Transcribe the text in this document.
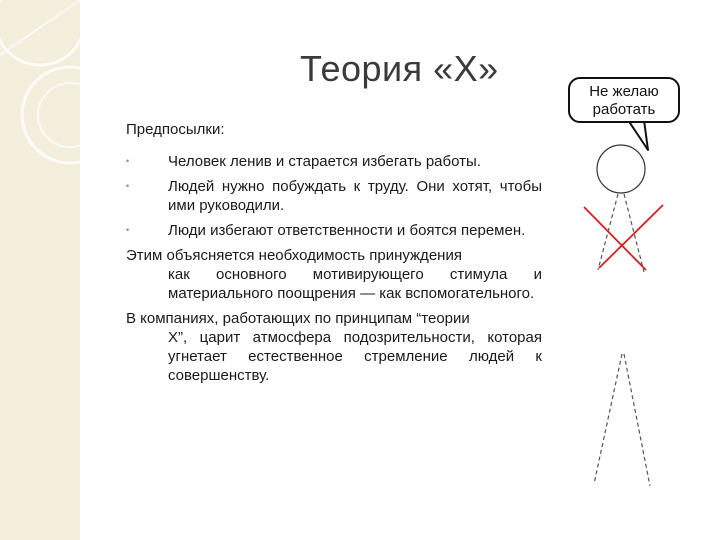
Теория «Х»
Предпосылки:
•	Человек ленив и старается избегать работы.
•	Людей нужно побуждать к труду. Они хотят, чтобы ими руководили.
•	Люди избегают ответственности и боятся перемен.
Этим объясняется необходимость принуждения
как основного мотивирующего стимула и материального поощрения — как вспомогательного.
В компаниях, работающих по принципам “теории
Х”, царит атмосфера подозрительности, которая угнетает естественное стремление людей к совершенству.
Не желаю
работать
